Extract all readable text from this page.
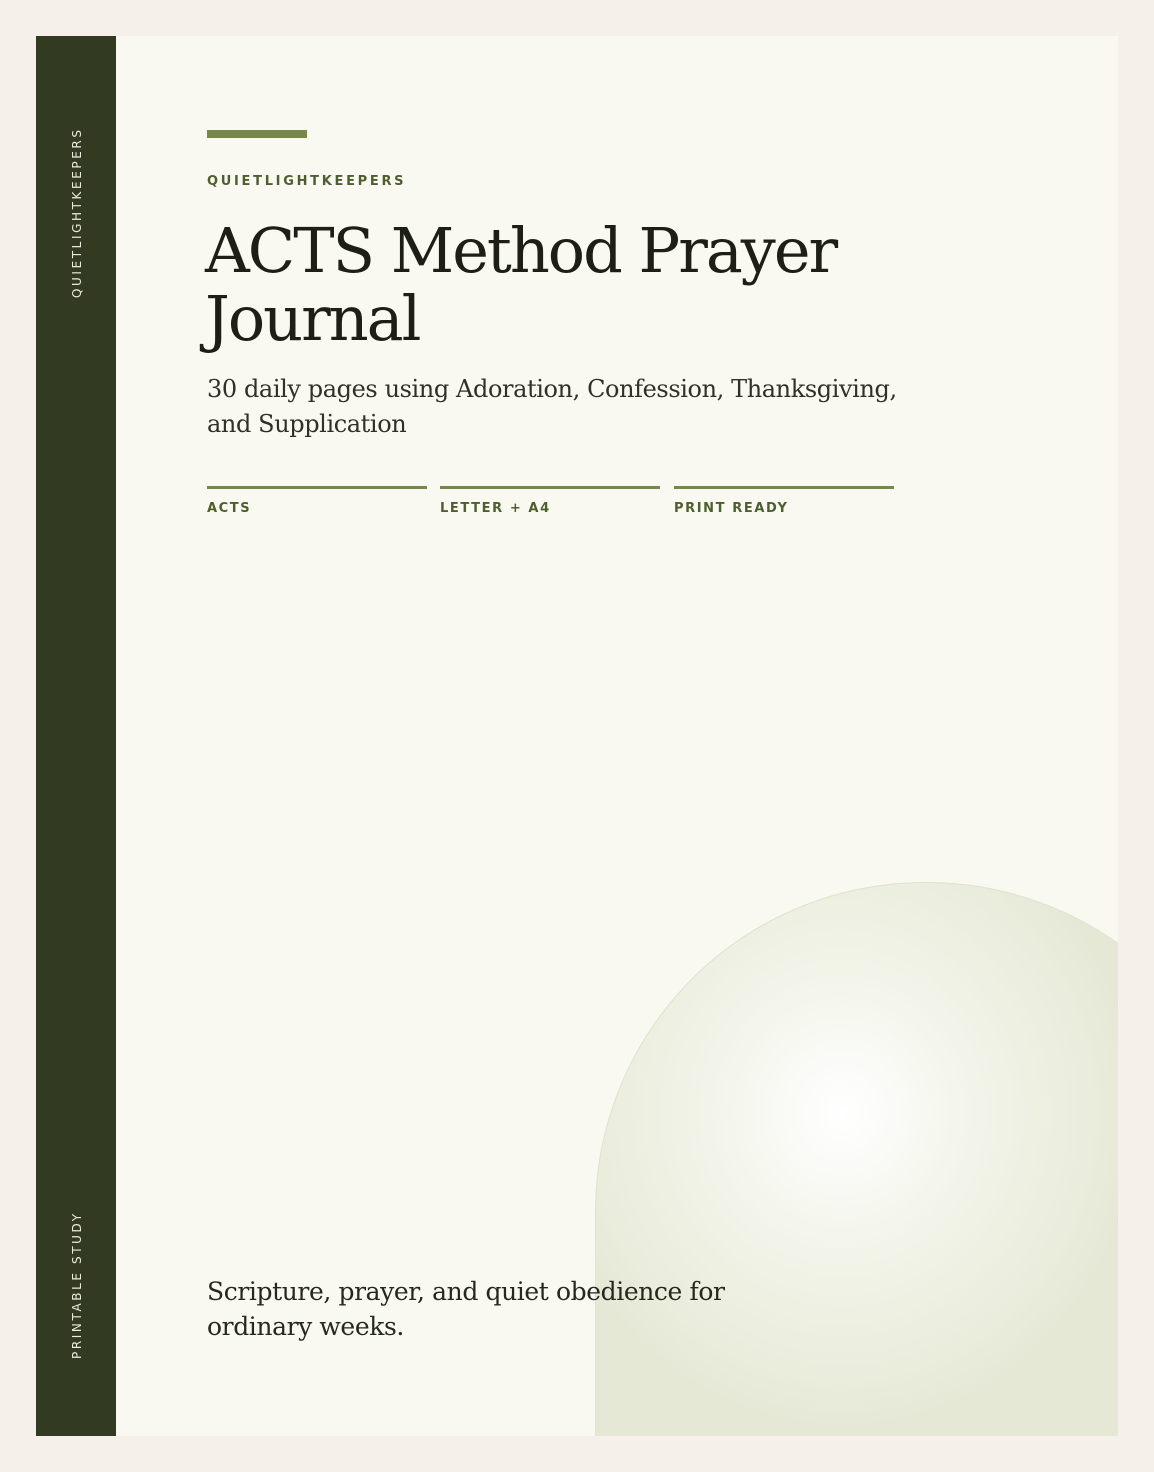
QUIETLIGHTKEEPERS
PRINTABLE STUDY
QUIETLIGHTKEEPERS
ACTS Method Prayer Journal
30 daily pages using Adoration, Confession, Thanksgiving, and Supplication
ACTS	LETTER + A4	PRINT READY
Scripture, prayer, and quiet obedience for ordinary weeks.
